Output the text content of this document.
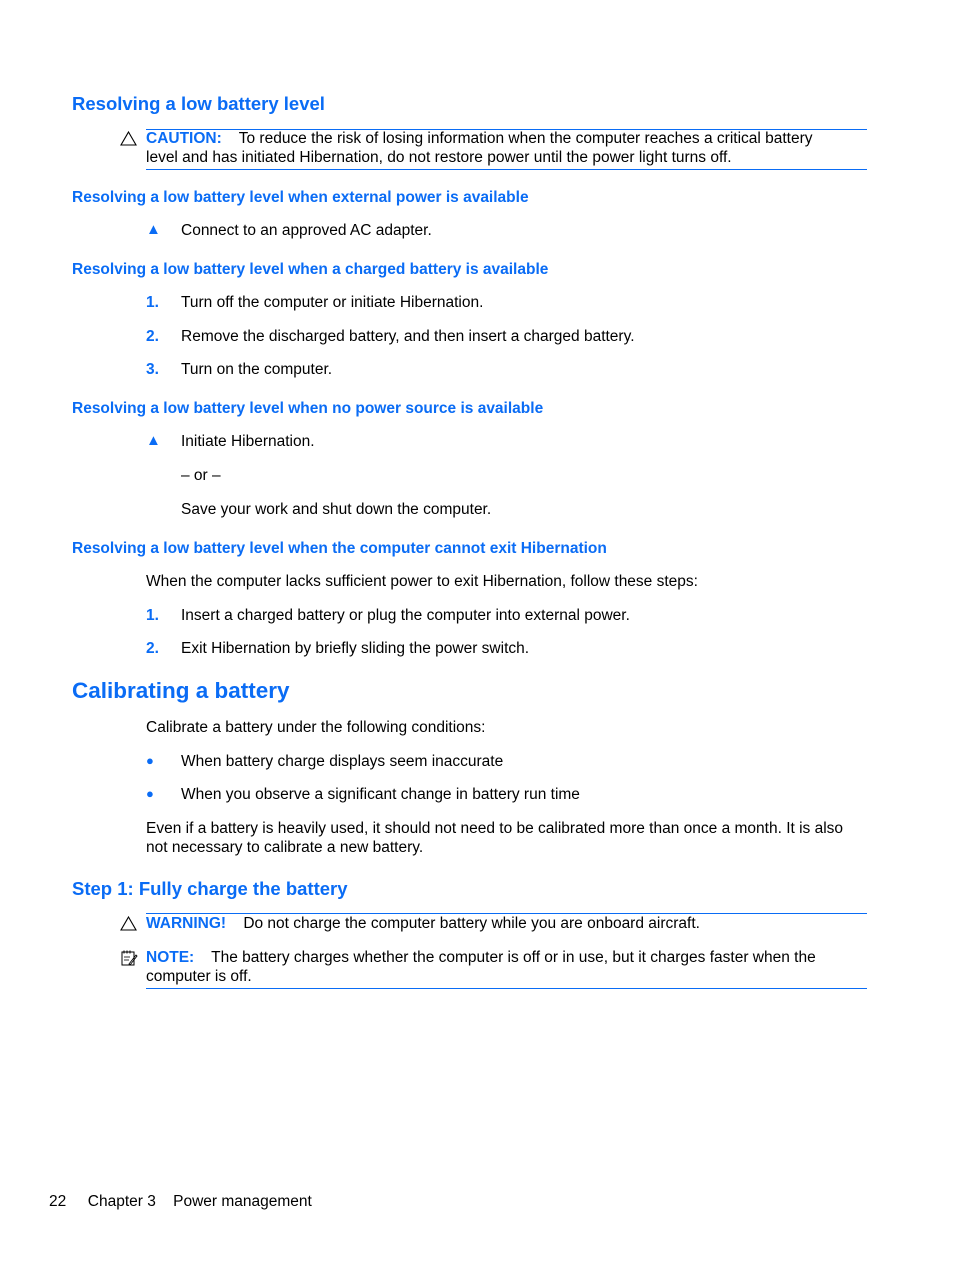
Resolving a low battery level
CAUTION: To reduce the risk of losing information when the computer reaches a critical battery
level and has initiated Hibernation, do not restore power until the power light turns off.
Resolving a low battery level when external power is available
▲ Connect to an approved AC adapter.
Resolving a low battery level when a charged battery is available
1. Turn off the computer or initiate Hibernation.
2. Remove the discharged battery, and then insert a charged battery.
3. Turn on the computer.
Resolving a low battery level when no power source is available
▲ Initiate Hibernation.
– or –
Save your work and shut down the computer.
Resolving a low battery level when the computer cannot exit Hibernation
When the computer lacks sufficient power to exit Hibernation, follow these steps:
1. Insert a charged battery or plug the computer into external power.
2. Exit Hibernation by briefly sliding the power switch.
Calibrating a battery
Calibrate a battery under the following conditions:
● When battery charge displays seem inaccurate
● When you observe a significant change in battery run time
Even if a battery is heavily used, it should not need to be calibrated more than once a month. It is also
not necessary to calibrate a new battery.
Step 1: Fully charge the battery
WARNING! Do not charge the computer battery while you are onboard aircraft.
NOTE: The battery charges whether the computer is off or in use, but it charges faster when the
computer is off.
22 Chapter 3 Power management
